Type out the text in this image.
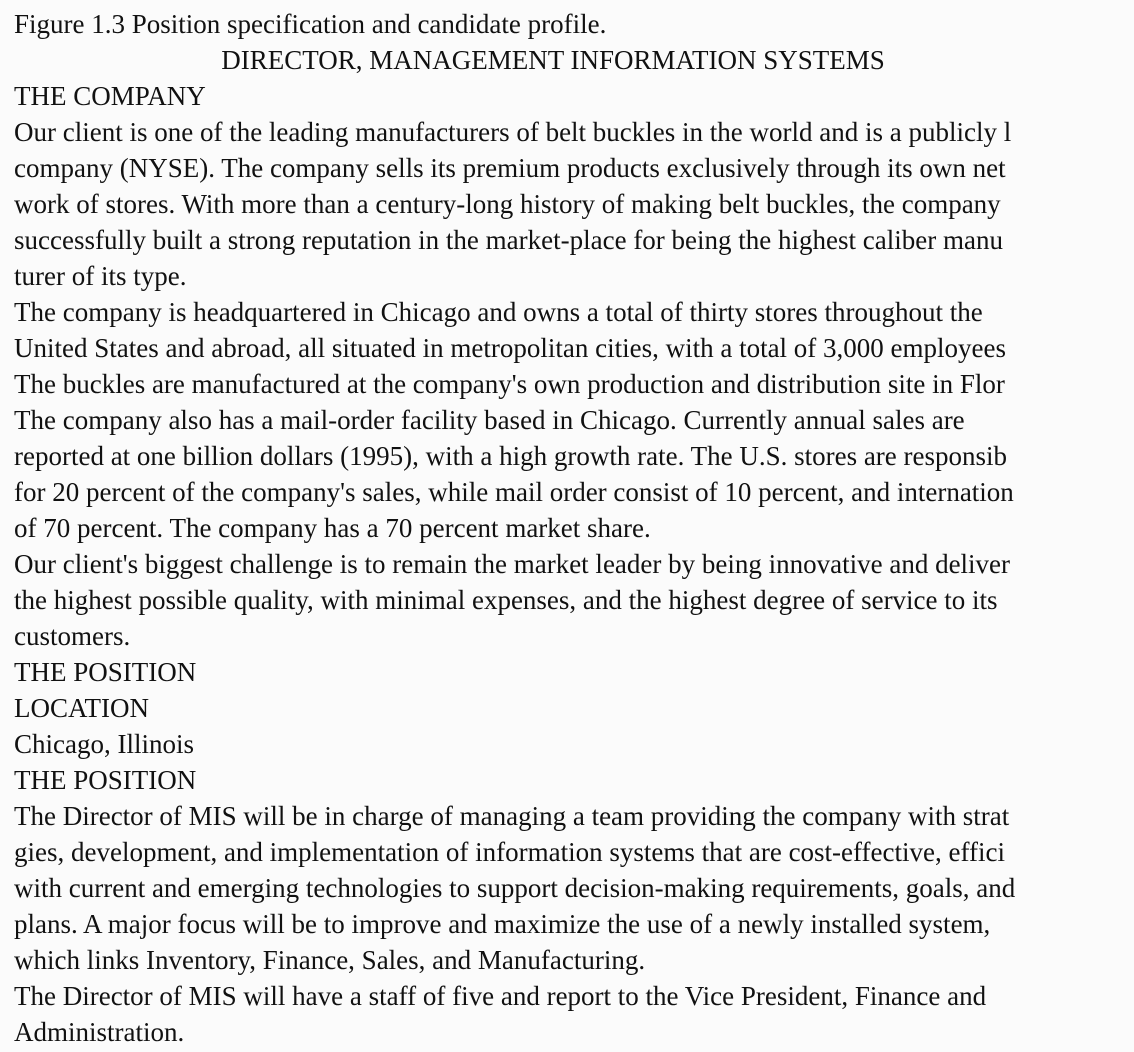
Figure 1.3 Position specification and candidate profile.
DIRECTOR, MANAGEMENT INFORMATION SYSTEMS
THE COMPANY
Our client is one of the leading manufacturers of belt buckles in the world and is a publicly l
company (NYSE). The company sells its premium products exclusively through its own net
work of stores. With more than a century-long history of making belt buckles, the company
successfully built a strong reputation in the market-place for being the highest caliber manu
turer of its type.
The company is headquartered in Chicago and owns a total of thirty stores throughout the
United States and abroad, all situated in metropolitan cities, with a total of 3,000 employees
The buckles are manufactured at the company's own production and distribution site in Flor
The company also has a mail-order facility based in Chicago. Currently annual sales are
reported at one billion dollars (1995), with a high growth rate. The U.S. stores are responsib
for 20 percent of the company's sales, while mail order consist of 10 percent, and internation
of 70 percent. The company has a 70 percent market share.
Our client's biggest challenge is to remain the market leader by being innovative and deliver
the highest possible quality, with minimal expenses, and the highest degree of service to its
customers.
THE POSITION
LOCATION
Chicago, Illinois
THE POSITION
The Director of MIS will be in charge of managing a team providing the company with strat
gies, development, and implementation of information systems that are cost-effective, effici
with current and emerging technologies to support decision-making requirements, goals, and
plans. A major focus will be to improve and maximize the use of a newly installed system,
which links Inventory, Finance, Sales, and Manufacturing.
The Director of MIS will have a staff of five and report to the Vice President, Finance and
Administration.
